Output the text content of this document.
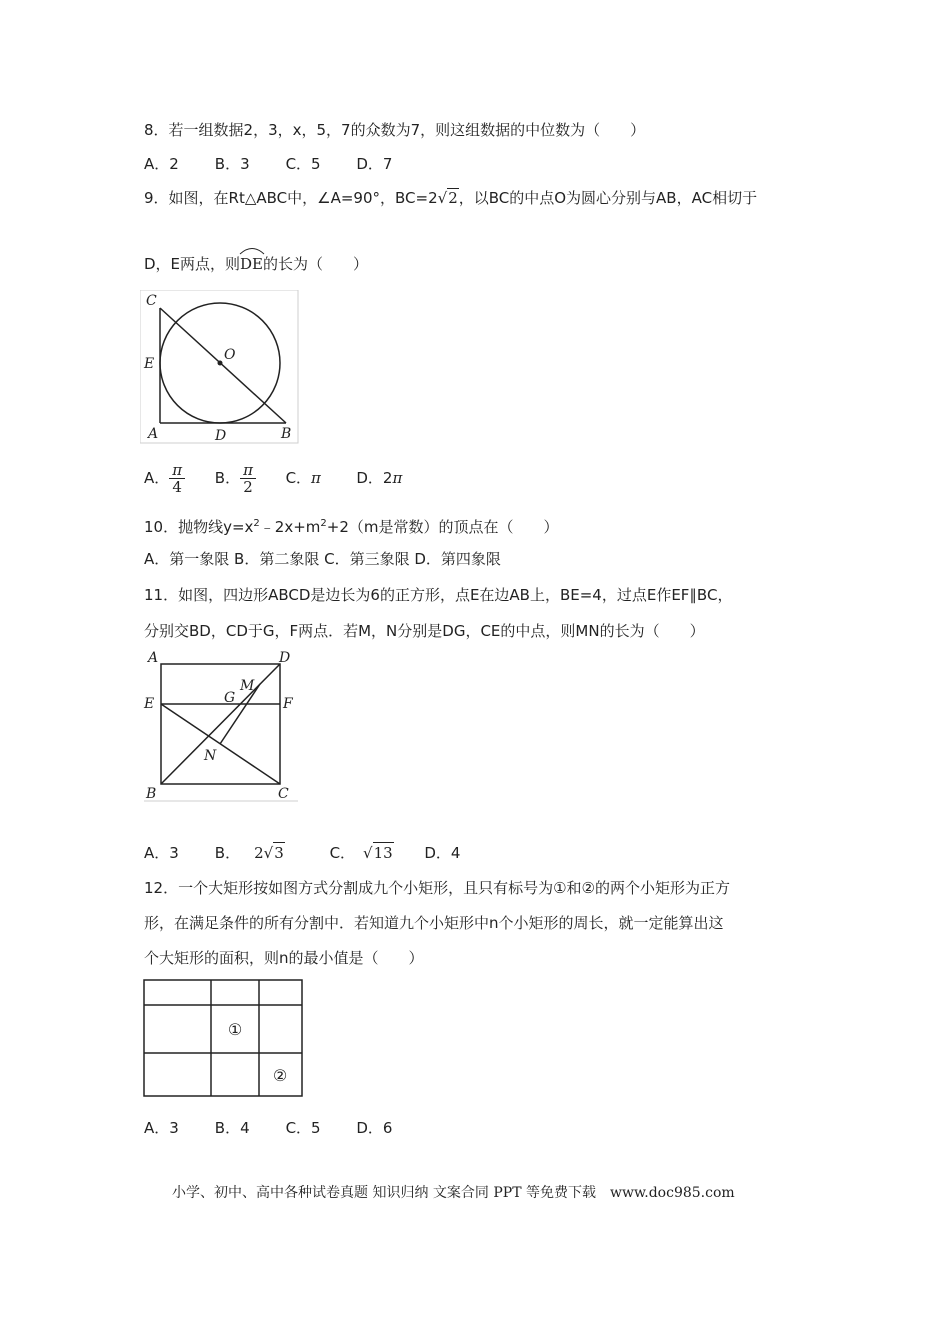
8．若一组数据2，3，x，5，7的众数为7，则这组数据的中位数为（　　）
A．2 B．3 C．5 D．7
9．如图，在Rt△ABC中，∠A=90°，BC=2√2，以BC的中点O为圆心分别与AB，AC相切于
D，E两点，则
DE的长为（　　）
C
E
A	D	B
O
A． $\frac{\pi}{4}$ B． $\frac{\pi}{2}$ C．π D．2π
10．抛物线$y=x^2﹣2x+m^2+2(m$是常数）的顶点在（　　）
A．第一象限 B．第二象限 C．第三象限 D．第四象限
11．如图，四边形ABCD是边长为6的正方形，点E在边AB上，BE=4，过点E作EF∥BC，
分别交BD，CD于G，F两点．若M，N分别是DG，CE的中点，则MN的长为（　　）
A	D
E	G
M
F
N
B	C
A．3 B． 2√3	C． √13 D．4
12．一个大矩形按如图方式分割成九个小矩形，且只有标号为①和②的两个小矩形为正方
形，在满足条件的所有分割中．若知道九个小矩形中n个小矩形的周长，就一定能算出这
个大矩形的面积，则n的最小值是（　　）
①
②
A．3 B．4 C．5 D．6
小学、初中、高中各种试卷真题 知识归纳 文案合同 PPT 等免费下载　www.doc985.com
